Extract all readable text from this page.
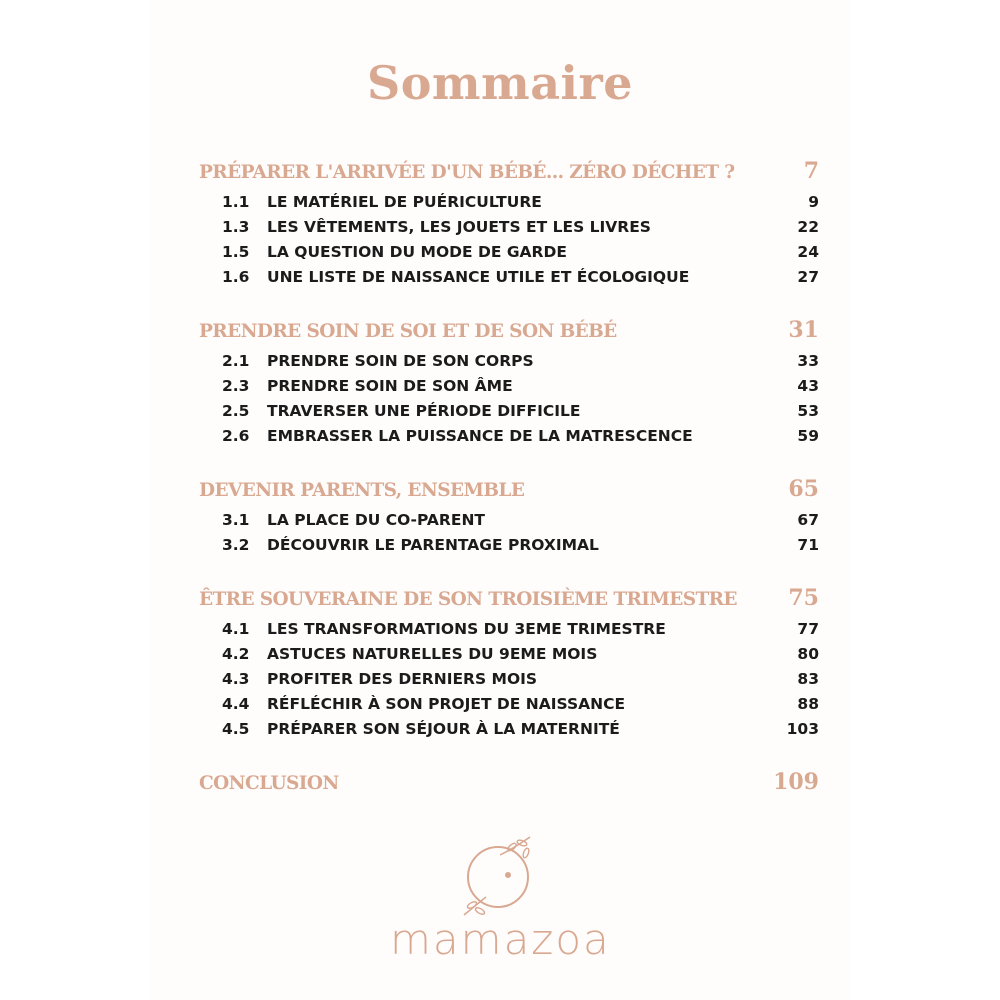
Sommaire
PRÉPARER L'ARRIVÉE D'UN BÉBÉ... ZÉRO DÉCHET ?	7
1.1	LE MATÉRIEL DE PUÉRICULTURE	9
1.3	LES VÊTEMENTS, LES JOUETS ET LES LIVRES	22
1.5	LA QUESTION DU MODE DE GARDE	24
1.6	UNE LISTE DE NAISSANCE UTILE ET ÉCOLOGIQUE	27
PRENDRE SOIN DE SOI ET DE SON BÉBÉ	31
2.1	PRENDRE SOIN DE SON CORPS	33
2.3	PRENDRE SOIN DE SON ÂME	43
2.5	TRAVERSER UNE PÉRIODE DIFFICILE	53
2.6	EMBRASSER LA PUISSANCE DE LA MATRESCENCE	59
DEVENIR PARENTS, ENSEMBLE	65
3.1	LA PLACE DU CO-PARENT	67
3.2	DÉCOUVRIR LE PARENTAGE PROXIMAL	71
ÊTRE SOUVERAINE DE SON TROISIÈME TRIMESTRE 75
4.1	LES TRANSFORMATIONS DU 3EME TRIMESTRE	77
4.2	ASTUCES NATURELLES DU 9EME MOIS	80
4.3	PROFITER DES DERNIERS MOIS	83
4.4	RÉFLÉCHIR À SON PROJET DE NAISSANCE	88
4.5	PRÉPARER SON SÉJOUR À LA MATERNITÉ	103
CONCLUSION	109
mamazoa
